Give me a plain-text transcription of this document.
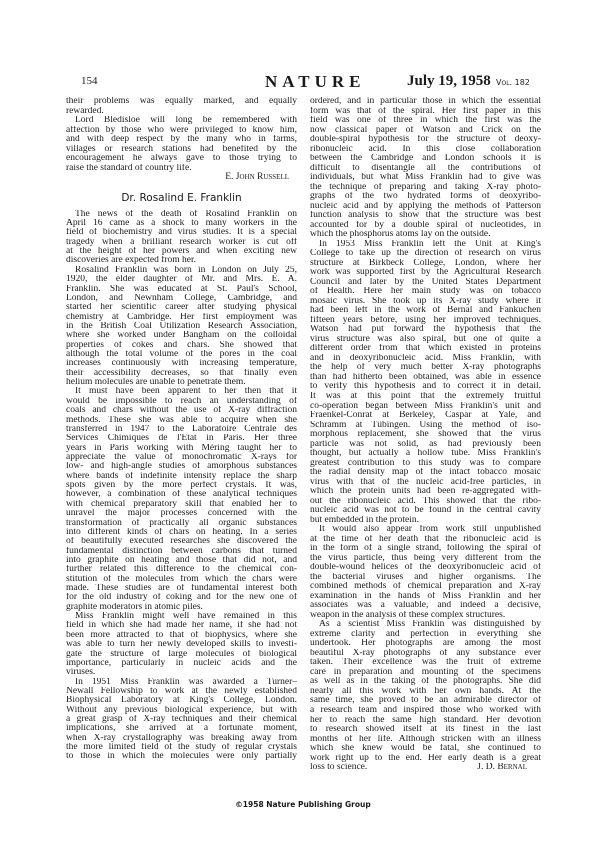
154	NATURE	July 19, 1958 Vol. 182
their problems was equally marked, and equally
rewarded.
Lord Bledisloe will long be remembered with
affection by those who were privileged to know him,
and with deep respect by the many who in farms,
villages or research stations had benefited by the
encouragement he always gave to those trying to
raise the standard of country life.
E. John Russell
Dr. Rosalind E. Franklin
The news of the death of Rosalind Franklin on
April 16 came as a shock to many workers in the
field of biochemistry and virus studies. It is a special
tragedy when a brilliant research worker is cut off
at the height of her powers and when exciting new
discoveries are expected from her.
Rosalind Franklin was born in London on July 25,
1920, the elder daughter of Mr. and Mrs. E. A.
Franklin. She was educated at St. Paul's School,
London, and Newnham College, Cambridge, and
started her scientific career after studying physical
chemistry at Cambridge. Her first employment was
in the British Coal Utilization Research Association,
where she worked under Bangham on the colloidal
properties of cokes and chars. She showed that
although the total volume of the pores in the coal
increases continuously with increasing temperature,
their accessibility decreases, so that finally even
helium molecules are unable to penetrate them.
It must have been apparent to her then that it
would be impossible to reach an understanding of
coals and chars without the use of X-ray diffraction
methods. These she was able to acquire when she
transferred in 1947 to the Laboratoire Centrale des
Services Chimiques de l'État in Paris. Her three
years in Paris working with Méring taught her to
appreciate the value of monochromatic X-rays for
low- and high-angle studies of amorphous substances
where bands of indefinite intensity replace the sharp
spots given by the more perfect crystals. It was,
however, a combination of these analytical techniques
with chemical preparatory skill that enabled her to
unravel the major processes concerned with the
transformation of practically all organic substances
into different kinds of chars on heating. In a series
of beautifully executed researches she discovered the
fundamental distinction between carbons that turned
into graphite on heating and those that did not, and
further related this difference to the chemical con-
stitution of the molecules from which the chars were
made. These studies are of fundamental interest both
for the old industry of coking and for the new one of
graphite moderators in atomic piles.
Miss Franklin might well have remained in this
field in which she had made her name, if she had not
been more attracted to that of biophysics, where she
was able to turn her newly developed skills to investi-
gate the structure of large molecules of biological
importance, particularly in nucleic acids and the
viruses.
In 1951 Miss Franklin was awarded a Turner–
Newall Fellowship to work at the newly established
Biophysical Laboratory at King's College, London.
Without any previous biological experience, but with
a great grasp of X-ray techniques and their chemical
implications, she arrived at a fortunate moment,
when X-ray crystallography was breaking away from
the more limited field of the study of regular crystals
to those in which the molecules were only partially
ordered, and in particular those in which the essential
form was that of the spiral. Her first paper in this
field was one of three in which the first was the
now classical paper of Watson and Crick on the
double-spiral hypothesis for the structure of deoxy-
ribonucleic acid. In this close collaboration
between the Cambridge and London schools it is
difficult to disentangle all the contributions of
individuals, but what Miss Franklin had to give was
the technique of preparing and taking X-ray photo-
graphs of the two hydrated forms of deoxyribo-
nucleic acid and by applying the methods of Patterson
function analysis to show that the structure was best
accounted for by a double spiral of nucleotides, in
which the phosphorus atoms lay on the outside.
In 1953 Miss Franklin left the Unit at King's
College to take up the direction of research on virus
structure at Birkbeck College, London, where her
work was supported first by the Agricultural Research
Council and later by the United States Department
of Health. Here her main study was on tobacco
mosaic virus. She took up its X-ray study where it
had been left in the work of Bernal and Fankuchen
fifteen years before, using her improved techniques.
Watson had put forward the hypothesis that the
virus structure was also spiral, but one of quite a
different order from that which existed in proteins
and in deoxyribonucleic acid. Miss Franklin, with
the help of very much better X-ray photographs
than had hitherto been obtained, was able in essence
to verify this hypothesis and to correct it in detail.
It was at this point that the extremely fruitful
co-operation began between Miss Franklin's unit and
Fraenkel-Conrat at Berkeley, Caspar at Yale, and
Schramm at Tübingen. Using the method of iso-
morphous replacement, she showed that the virus
particle was not solid, as had previously been
thought, but actually a hollow tube. Miss Franklin's
greatest contribution to this study was to compare
the radial density map of the intact tobacco mosaic
virus with that of the nucleic acid-free particles, in
which the protein units had been re-aggregated with-
out the ribonucleic acid. This showed that the ribo-
nucleic acid was not to be found in the central cavity
but embedded in the protein.
It would also appear from work still unpublished
at the time of her death that the ribonucleic acid is
in the form of a single strand, following the spiral of
the virus particle, thus being very different from the
double-wound helices of the deoxyribonucleic acid of
the bacterial viruses and higher organisms. The
combined methods of chemical preparation and X-ray
examination in the hands of Miss Franklin and her
associates was a valuable, and indeed a decisive,
weapon in the analysis of these complex structures.
As a scientist Miss Franklin was distinguished by
extreme clarity and perfection in everything she
undertook. Her photographs are among the most
beautiful X-ray photographs of any substance ever
taken. Their excellence was the fruit of extreme
care in preparation and mounting of the specimens
as well as in the taking of the photographs. She did
nearly all this work with her own hands. At the
same time, she proved to be an admirable director of
a research team and inspired those who worked with
her to reach the same high standard. Her devotion
to research showed itself at its finest in the last
months of her life. Although stricken with an illness
which she knew would be fatal, she continued to
work right up to the end. Her early death is a great
loss to science.	J. D. Bernal
©1958 Nature Publishing Group
